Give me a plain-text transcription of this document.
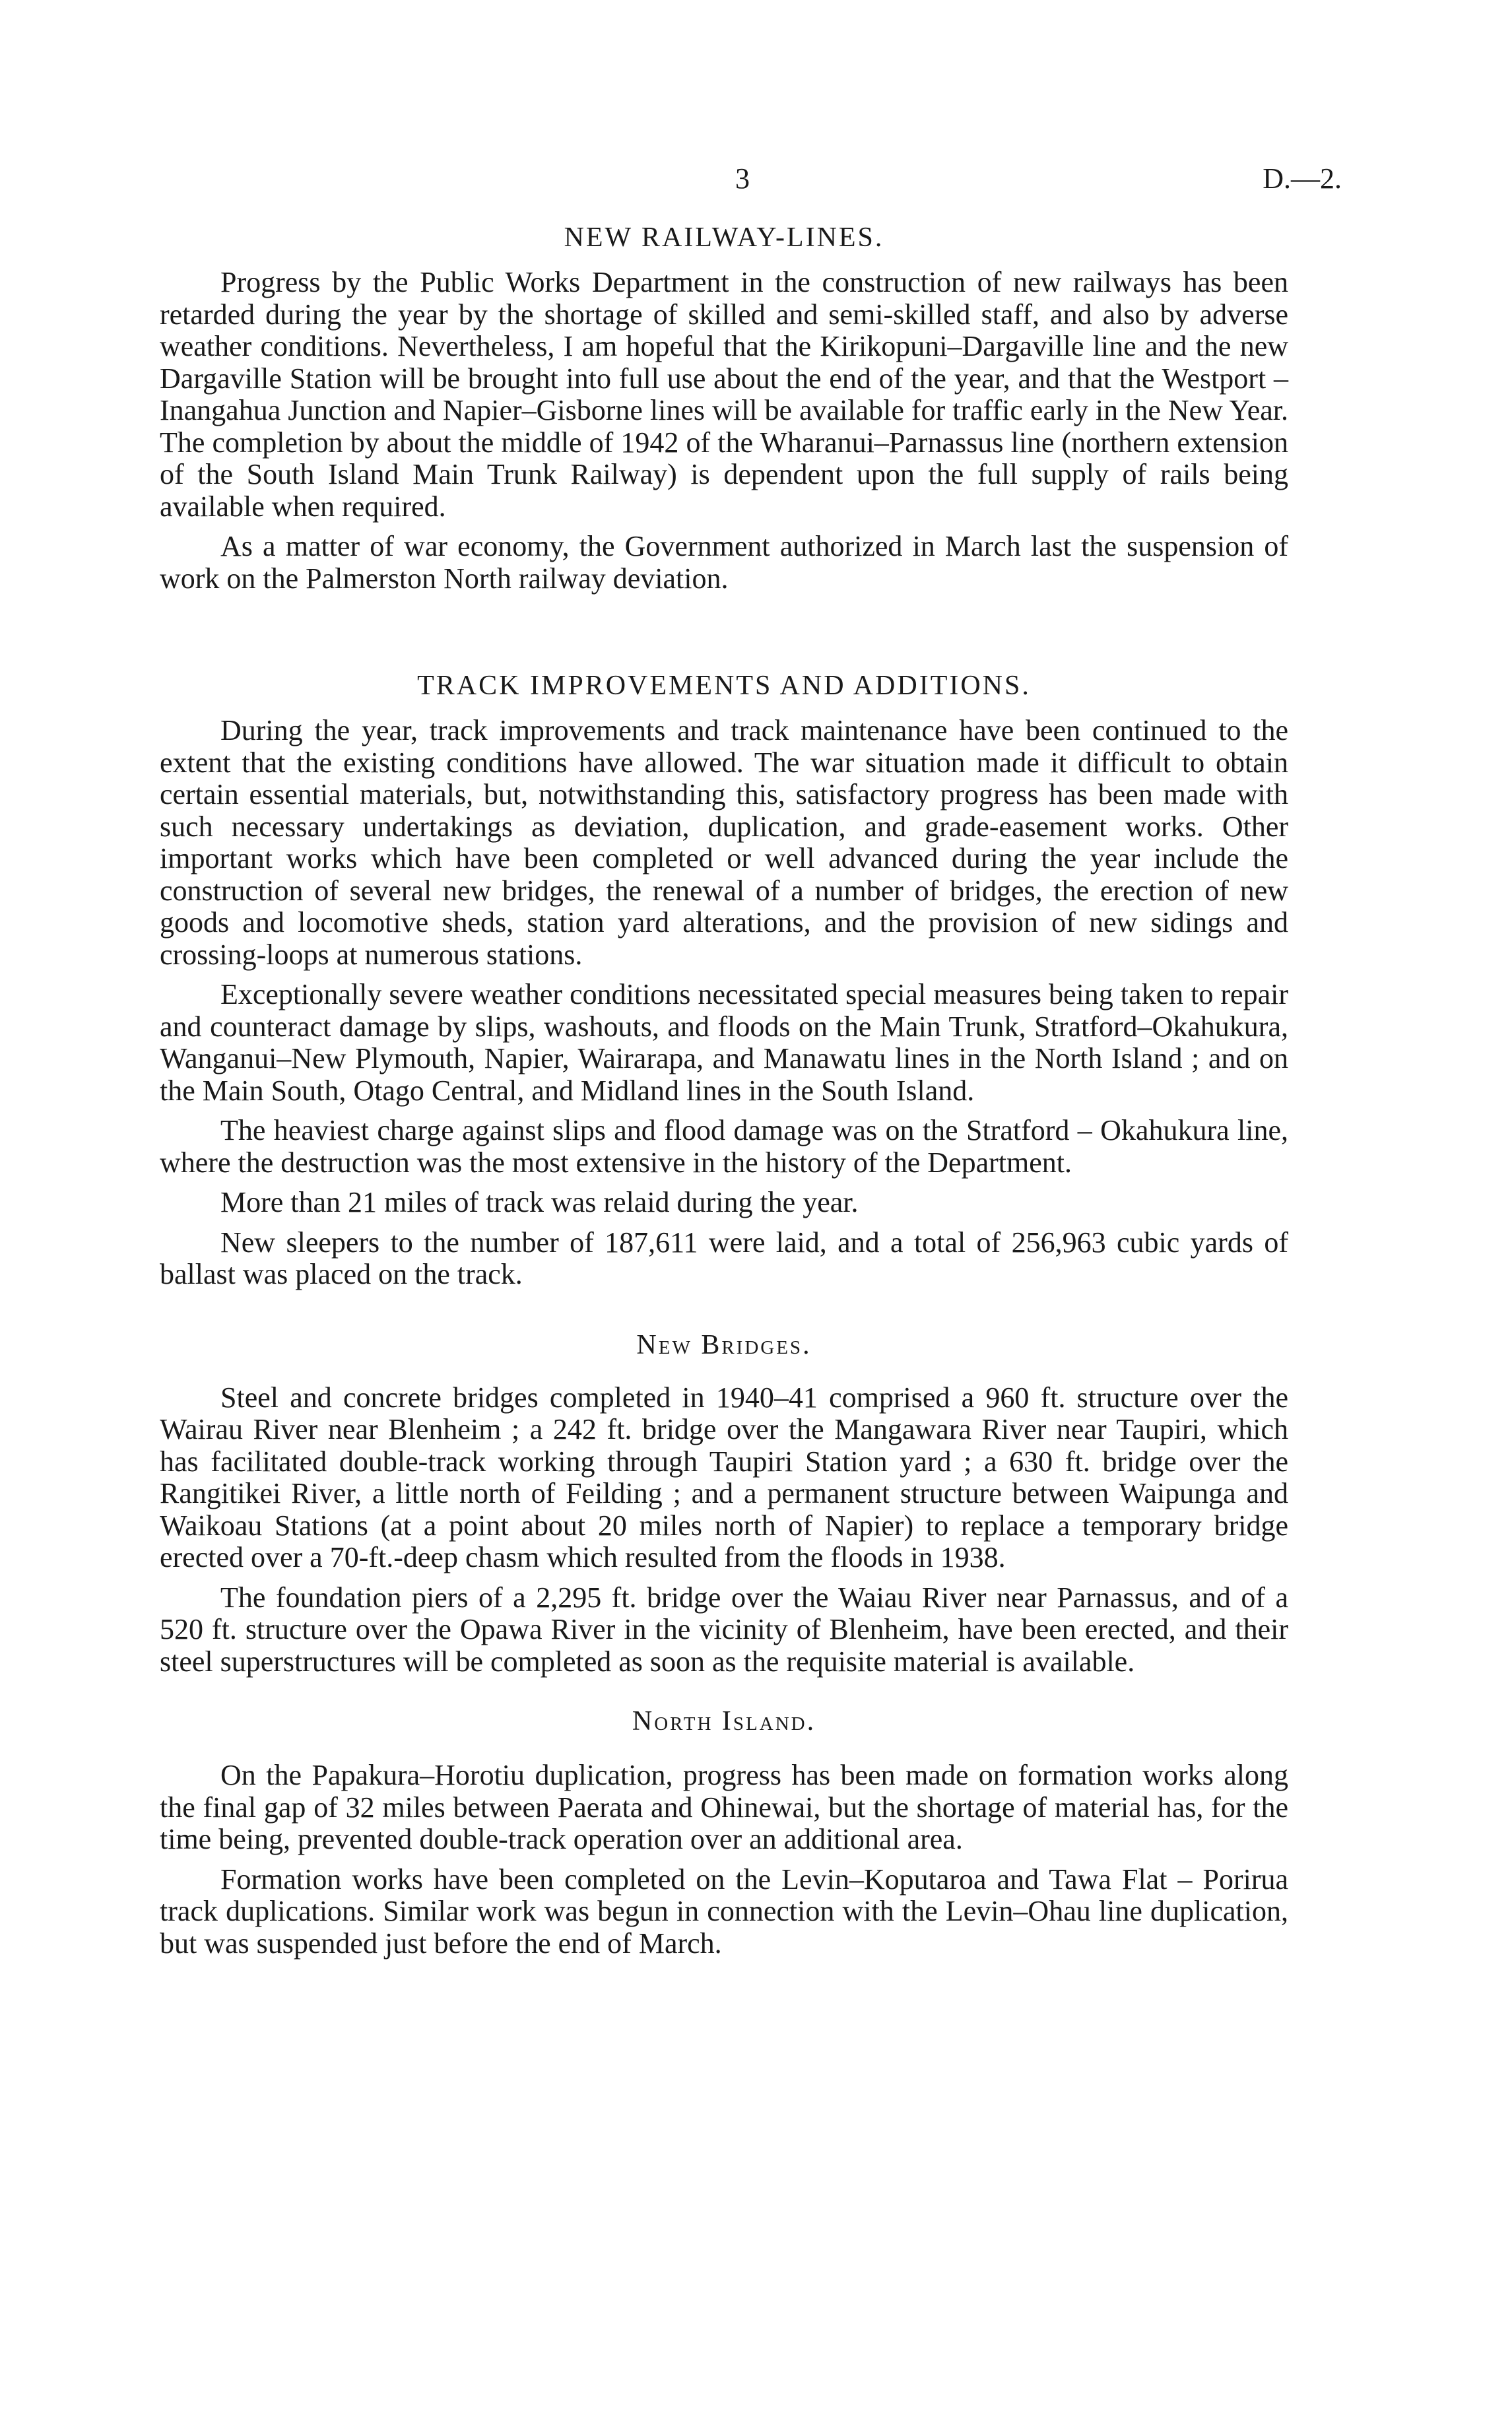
3	D.—2.
NEW RAILWAY-LINES.

Progress by the Public Works Department in the construction of new railways has been retarded during the year by the shortage of skilled and semi-skilled staff, and also by adverse weather conditions. Nevertheless, I am hopeful that the Kirikopuni–Dargaville line and the new Dargaville Station will be brought into full use about the end of the year, and that the Westport – Inangahua Junction and Napier–Gisborne lines will be available for traffic early in the New Year. The completion by about the middle of 1942 of the Wharanui–Parnassus line (northern extension of the South Island Main Trunk Railway) is dependent upon the full supply of rails being available when required.

As a matter of war economy, the Government authorized in March last the suspension of work on the Palmerston North railway deviation.

TRACK IMPROVEMENTS AND ADDITIONS.

During the year, track improvements and track maintenance have been continued to the extent that the existing conditions have allowed. The war situation made it difficult to obtain certain essential materials, but, notwithstanding this, satisfactory progress has been made with such necessary undertakings as deviation, duplication, and grade-easement works. Other important works which have been completed or well advanced during the year include the construction of several new bridges, the renewal of a number of bridges, the erection of new goods and locomotive sheds, station yard alterations, and the provision of new sidings and crossing-loops at numerous stations.

Exceptionally severe weather conditions necessitated special measures being taken to repair and counteract damage by slips, washouts, and floods on the Main Trunk, Stratford–Okahukura, Wanganui–New Plymouth, Napier, Wairarapa, and Manawatu lines in the North Island ; and on the Main South, Otago Central, and Midland lines in the South Island.

The heaviest charge against slips and flood damage was on the Stratford – Okahukura line, where the destruction was the most extensive in the history of the Department.

More than 21 miles of track was relaid during the year.

New sleepers to the number of 187,611 were laid, and a total of 256,963 cubic yards of ballast was placed on the track.

New Bridges.

Steel and concrete bridges completed in 1940–41 comprised a 960 ft. structure over the Wairau River near Blenheim ; a 242 ft. bridge over the Mangawara River near Taupiri, which has facilitated double-track working through Taupiri Station yard ; a 630 ft. bridge over the Rangitikei River, a little north of Feilding ; and a permanent structure between Waipunga and Waikoau Stations (at a point about 20 miles north of Napier) to replace a temporary bridge erected over a 70-ft.-deep chasm which resulted from the floods in 1938.

The foundation piers of a 2,295 ft. bridge over the Waiau River near Parnassus, and of a 520 ft. structure over the Opawa River in the vicinity of Blenheim, have been erected, and their steel superstructures will be completed as soon as the requisite material is available.

North Island.

On the Papakura–Horotiu duplication, progress has been made on formation works along the final gap of 32 miles between Paerata and Ohinewai, but the shortage of material has, for the time being, prevented double-track operation over an additional area.

Formation works have been completed on the Levin–Koputaroa and Tawa Flat – Porirua track duplications. Similar work was begun in connection with the Levin–Ohau line duplication, but was suspended just before the end of March.
